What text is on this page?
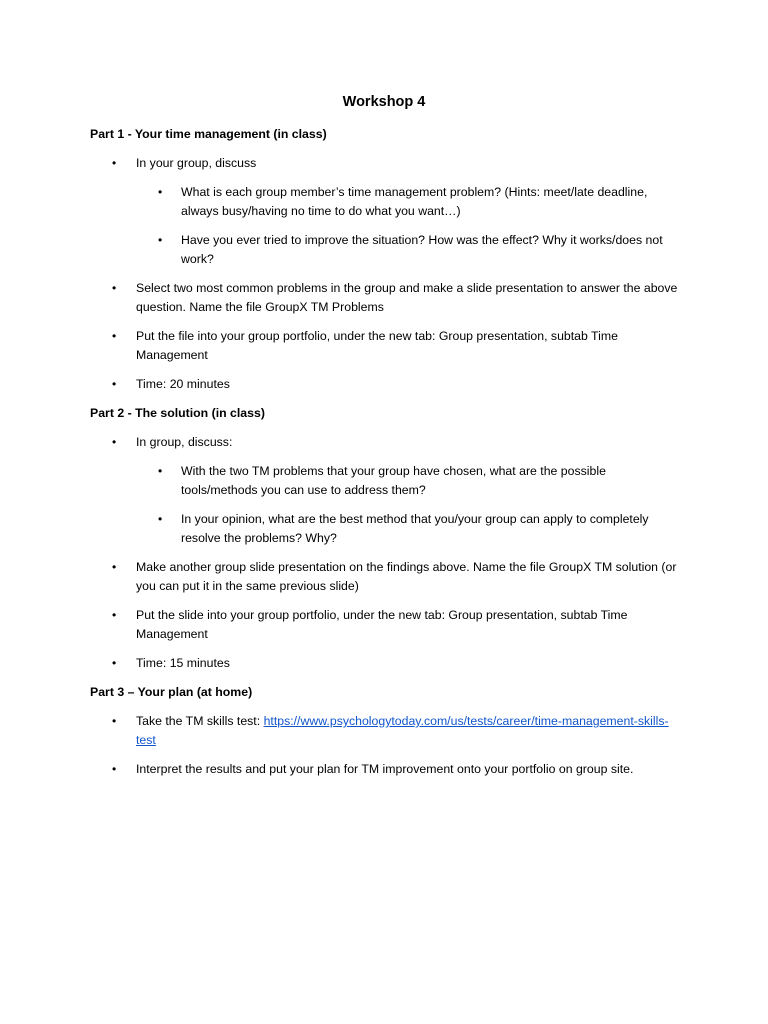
Workshop 4
Part 1 - Your time management (in class)
• In your group, discuss
• What is each group member’s time management problem? (Hints: meet/late deadline, always busy/having no time to do what you want…)
• Have you ever tried to improve the situation? How was the effect? Why it works/does not work?
• Select two most common problems in the group and make a slide presentation to answer the above question. Name the file GroupX TM Problems
• Put the file into your group portfolio, under the new tab: Group presentation, subtab Time Management
• Time: 20 minutes
Part 2 - The solution (in class)
• In group, discuss:
• With the two TM problems that your group have chosen, what are the possible tools/methods you can use to address them?
• In your opinion, what are the best method that you/your group can apply to completely resolve the problems? Why?
• Make another group slide presentation on the findings above. Name the file GroupX TM solution (or you can put it in the same previous slide)
• Put the slide into your group portfolio, under the new tab: Group presentation, subtab Time Management
• Time: 15 minutes
Part 3 – Your plan (at home)
• Take the TM skills test: https://www.psychologytoday.com/us/tests/career/time-management-skills-test
• Interpret the results and put your plan for TM improvement onto your portfolio on group site.
